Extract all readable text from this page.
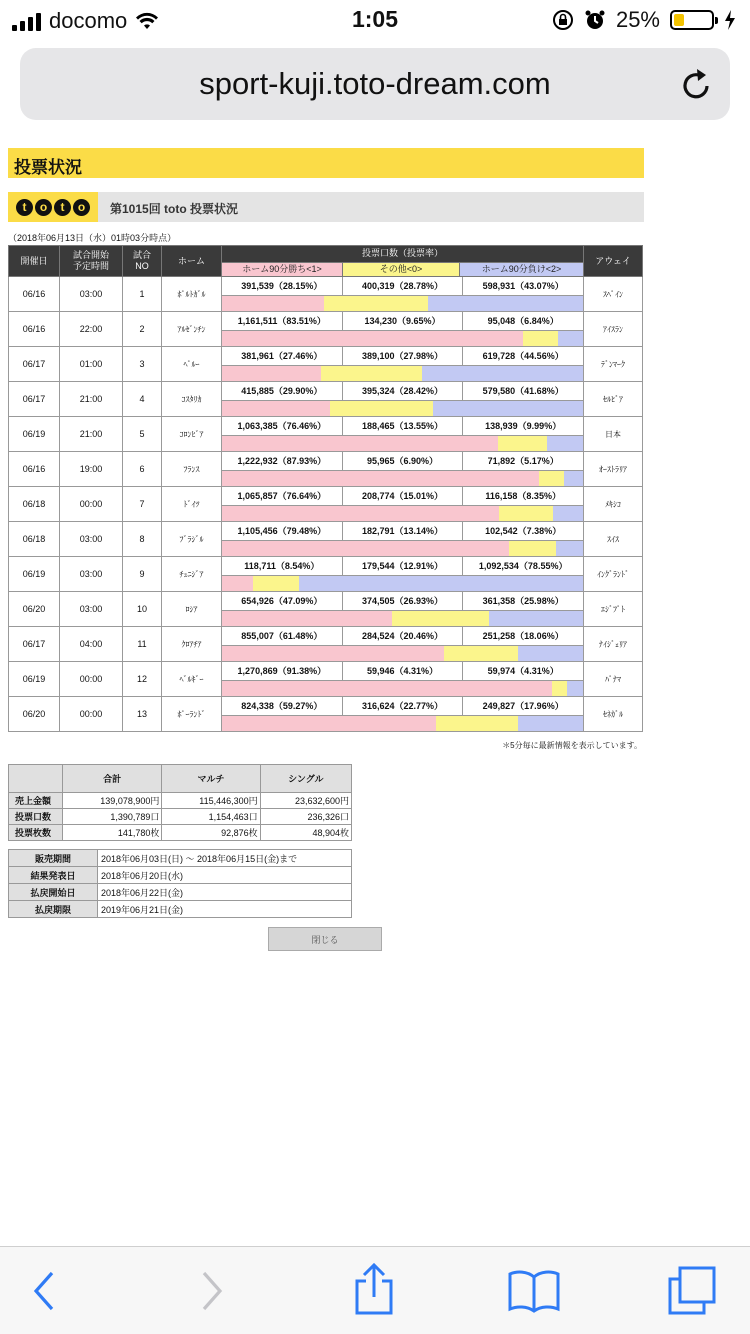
docomo	1:05	25%
sport-kuji.toto-dream.com
投票状況
t	o	t	o	第1015回 toto 投票状況
（2018年06月13日（水）01時03分時点）
開催日	試合開始
予定時間	試合
NO	ホーム	投票口数（投票率）			アウェイ
				ホーム90分勝ち<1>	その他<0>	ホーム90分負け<2>	
06/16	03:00	1	ﾎﾟﾙﾄｶﾞﾙ	391,539（28.15%） 400,319（28.78%） 598,931（43.07%）			ｽﾍﾟｲﾝ
06/16	22:00	2	ｱﾙｾﾞﾝﾁﾝ	1,161,511（83.51%） 134,230（9.65%） 95,048（6.84%）			ｱｲｽﾗﾝ
06/17	01:00	3	ﾍﾟﾙｰ	381,961（27.46%） 389,100（27.98%） 619,728（44.56%）			ﾃﾞﾝﾏｰｸ
06/17	21:00	4	ｺｽﾀﾘｶ	415,885（29.90%） 395,324（28.42%） 579,580（41.68%）			ｾﾙﾋﾞｱ
06/19	21:00	5	ｺﾛﾝﾋﾞｱ	1,063,385（76.46%） 188,465（13.55%） 138,939（9.99%）			日本
06/16	19:00	6	ﾌﾗﾝｽ	1,222,932（87.93%） 95,965（6.90%） 71,892（5.17%）			ｵｰｽﾄﾗﾘｱ
06/18	00:00	7	ﾄﾞｲﾂ	1,065,857（76.64%） 208,774（15.01%） 116,158（8.35%）			ﾒｷｼｺ
06/18	03:00	8	ﾌﾞﾗｼﾞﾙ	1,105,456（79.48%） 182,791（13.14%） 102,542（7.38%）			ｽｲｽ
06/19	03:00	9	ﾁｭﾆｼﾞｱ	118,711（8.54%） 179,544（12.91%） 1,092,534（78.55%）			ｲﾝｸﾞﾗﾝﾄﾞ
06/20	03:00	10	ﾛｼｱ	654,926（47.09%） 374,505（26.93%） 361,358（25.98%）			ｴｼﾞﾌﾟﾄ
06/17	04:00	11	ｸﾛｱﾁｱ	855,007（61.48%） 284,524（20.46%） 251,258（18.06%）			ﾅｲｼﾞｪﾘｱ
06/19	00:00	12	ﾍﾞﾙｷﾞｰ	1,270,869（91.38%） 59,946（4.31%） 59,974（4.31%）			ﾊﾟﾅﾏ
06/20	00:00	13	ﾎﾟｰﾗﾝﾄﾞ	824,338（59.27%） 316,624（22.77%） 249,827（17.96%）			ｾﾈｶﾞﾙ
＊5分毎に最新情報を表示しています。
	合計	マルチ	シングル
売上金額	139,078,900円	115,446,300円	23,632,600円
投票口数	1,390,789口	1,154,463口	236,326口
投票枚数	141,780枚	92,876枚	48,904枚
販売期間	2018年06月03日(日) 〜 2018年06月15日(金)まで
結果発表日	2018年06月20日(水)
払戻開始日	2018年06月22日(金)
払戻期限	2019年06月21日(金)
閉じる
